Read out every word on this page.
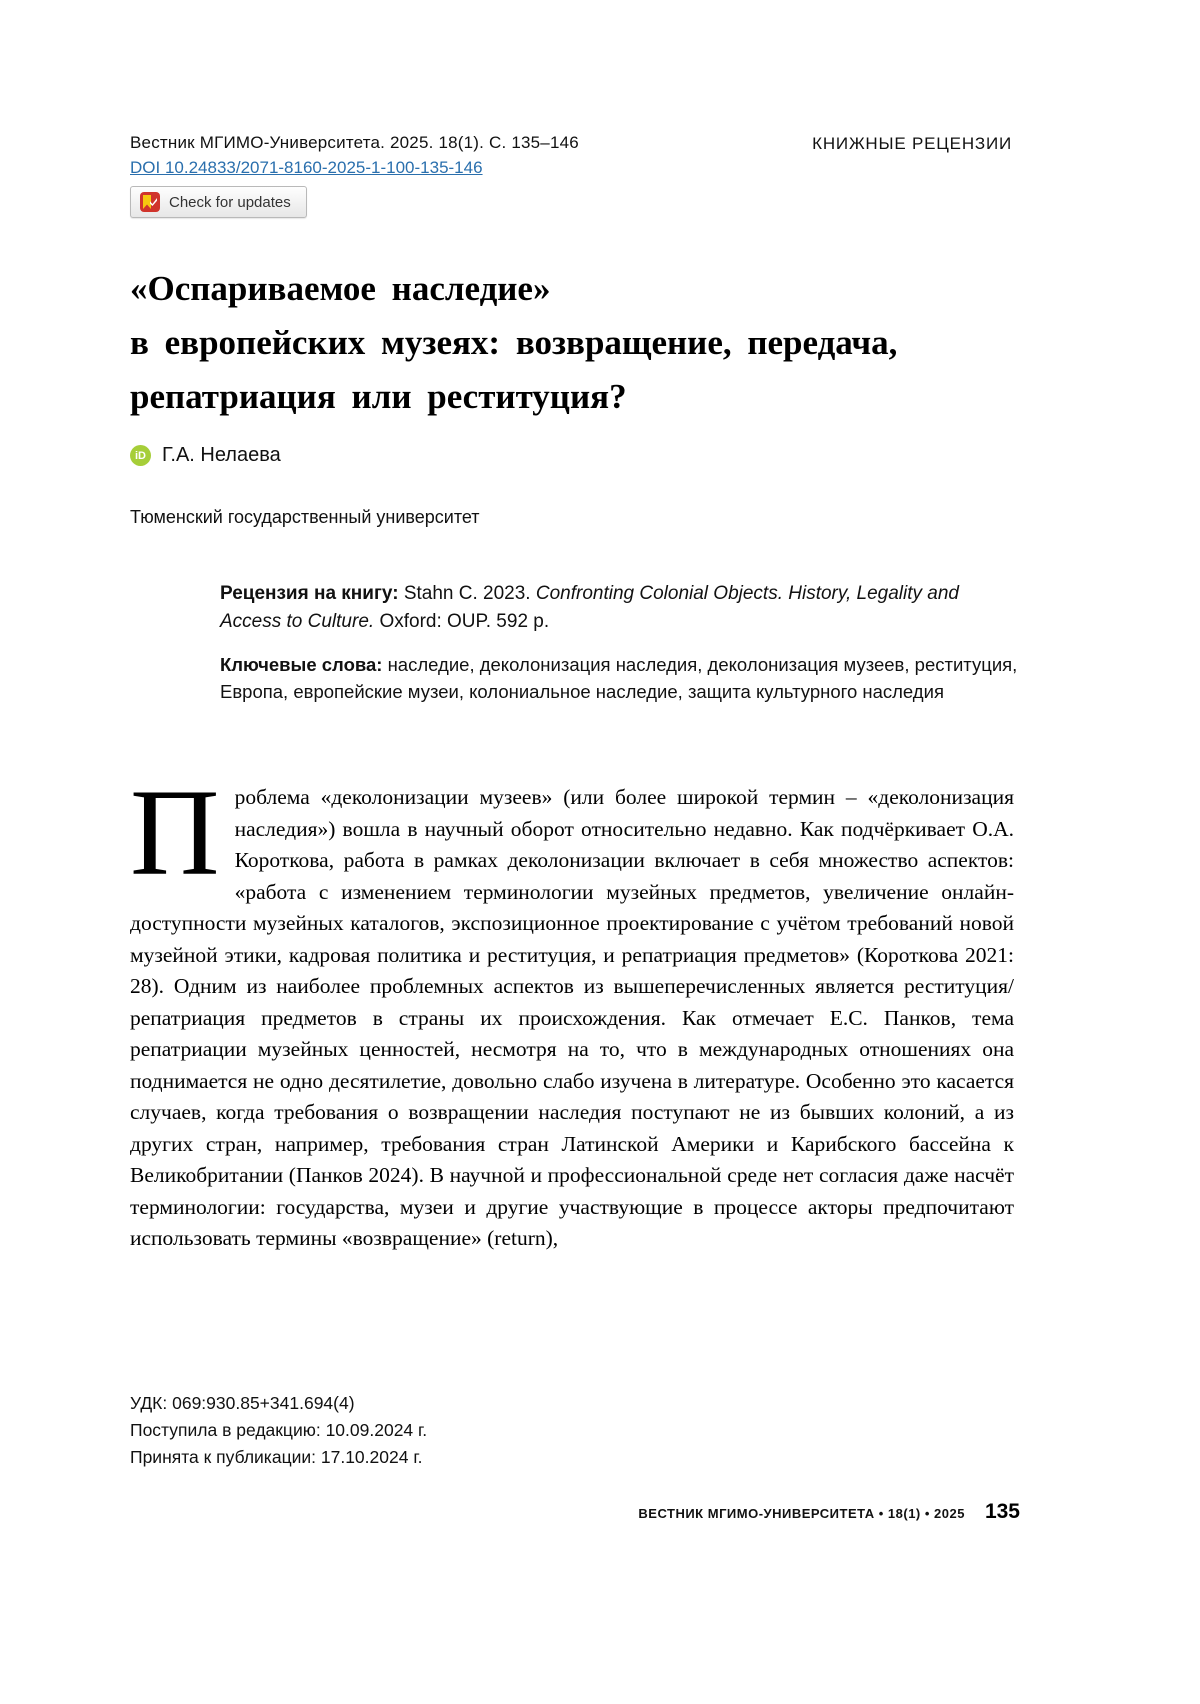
Вестник МГИМО-Университета. 2025. 18(1). С. 135–146
DOI 10.24833/2071-8160-2025-1-100-135-146
КНИЖНЫЕ РЕЦЕНЗИИ
Check for updates
«Оспариваемое наследие»
в европейских музеях: возвращение, передача,
репатриация или реституция?
iD Г.А. Нелаева
Тюменский государственный университет
Рецензия на книгу: Stahn C. 2023. Confronting Colonial Objects. History, Legality and Access to Culture. Oxford: OUP. 592 p.
Ключевые слова: наследие, деколонизация наследия, деколонизация музеев, реституция, Европа, европейские музеи, колониальное наследие, защита культурного наследия
Проблема «деколонизации музеев» (или более широкой термин – «деколонизация наследия») вошла в научный оборот относительно недавно. Как подчёркивает О.А. Короткова, работа в рамках деколонизации включает в себя множество аспектов: «работа с изменением терминологии музейных предметов, увеличение онлайн-доступности музейных каталогов, экспозиционное проектирование с учётом требований новой музейной этики, кадровая политика и реституция, и репатриация предметов» (Короткова 2021: 28). Одним из наиболее проблемных аспектов из вышеперечисленных является реституция/репатриация предметов в страны их происхождения. Как отмечает Е.С. Панков, тема репатриации музейных ценностей, несмотря на то, что в международных отношениях она поднимается не одно десятилетие, довольно слабо изучена в литературе. Особенно это касается случаев, когда требования о возвращении наследия поступают не из бывших колоний, а из других стран, например, требования стран Латинской Америки и Карибского бассейна к Великобритании (Панков 2024). В научной и профессиональной среде нет согласия даже насчёт терминологии: государства, музеи и другие участвующие в процессе акторы предпочитают использовать термины «возвращение» (return),
УДК: 069:930.85+341.694(4)
Поступила в редакцию: 10.09.2024 г.
Принята к публикации: 17.10.2024 г.
ВЕСТНИК МГИМО-УНИВЕРСИТЕТА • 18(1) • 2025 135
